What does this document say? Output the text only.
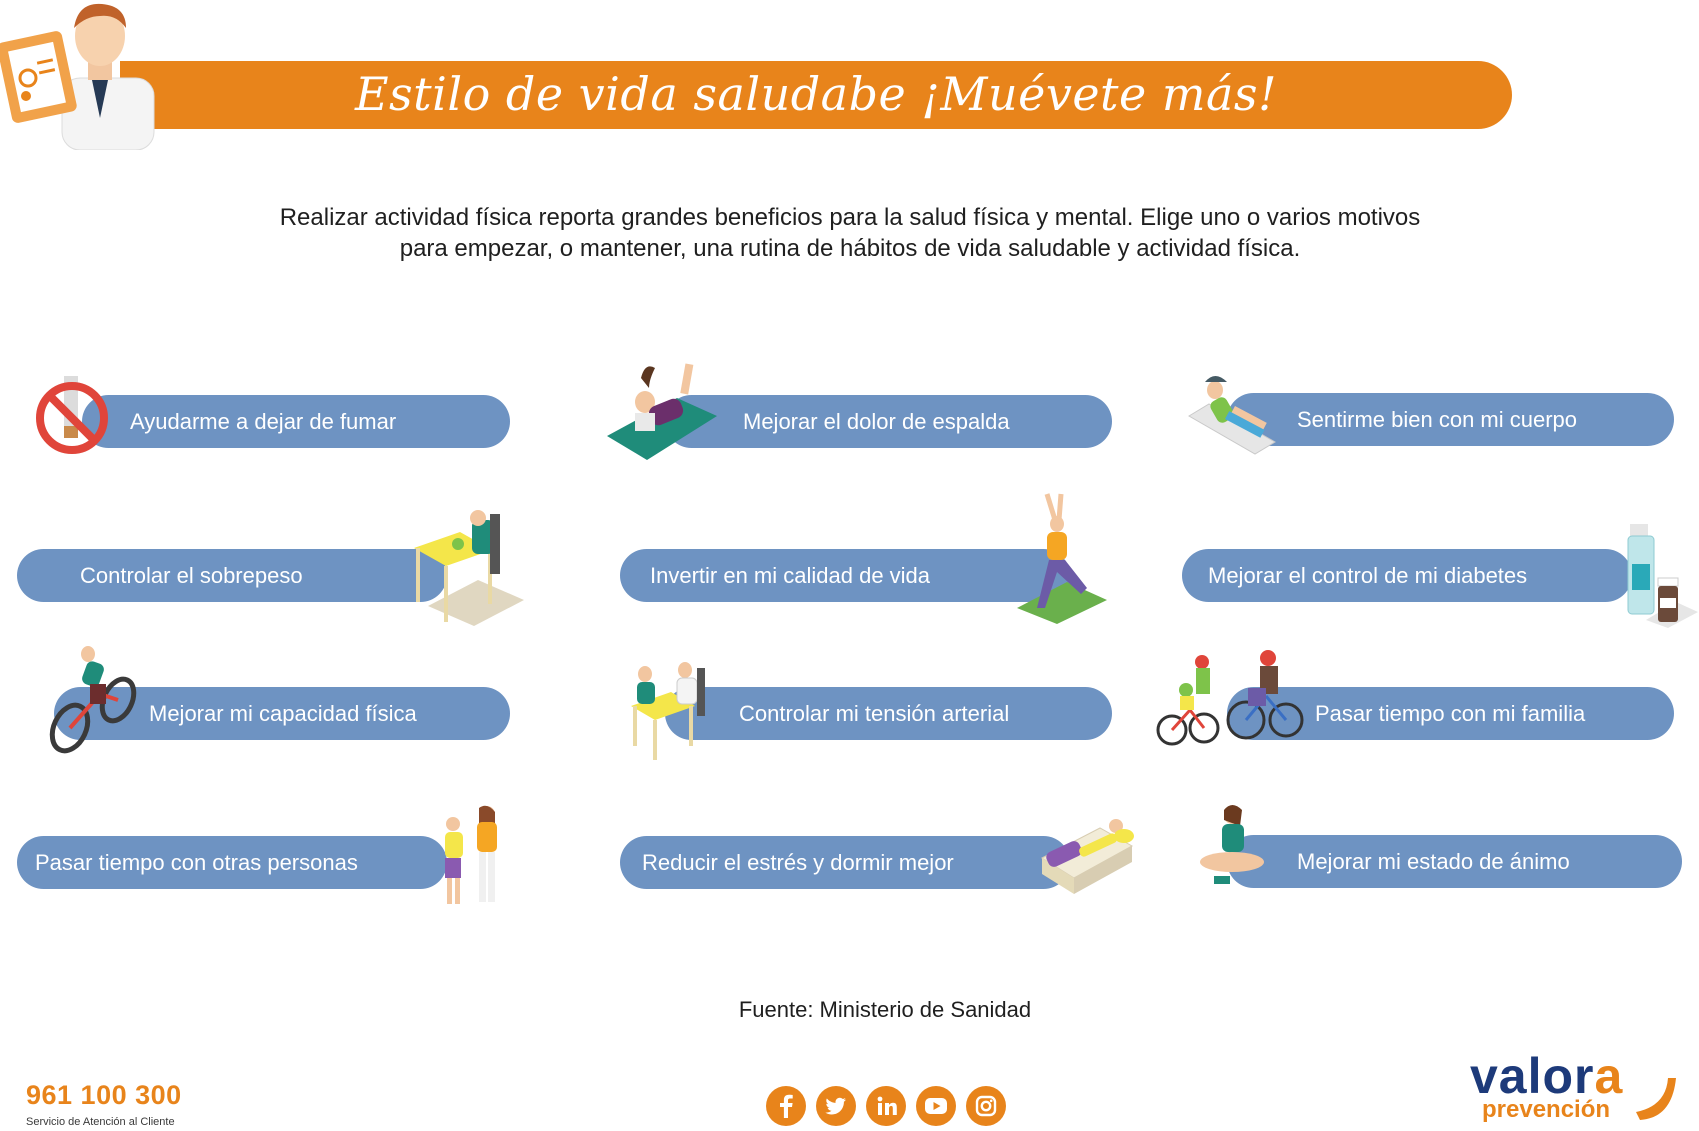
Estilo de vida saludabe ¡Muévete más!
Realizar actividad física reporta grandes beneficios para la salud física y mental. Elige uno o varios motivos
para empezar, o mantener, una rutina de hábitos de vida saludable y actividad física.
Ayudarme a dejar de fumar	Mejorar el dolor de espalda	Sentirme bien con mi cuerpo
Controlar el sobrepeso	Invertir en mi calidad de vida	Mejorar el control de mi diabetes
Mejorar mi capacidad física	Controlar mi tensión arterial	Pasar tiempo con mi familia
Pasar tiempo con otras personas	Reducir el estrés y dormir mejor	Mejorar mi estado de ánimo
Fuente: Ministerio de Sanidad
961 100 300
Servicio de Atención al Cliente
valora
prevención
